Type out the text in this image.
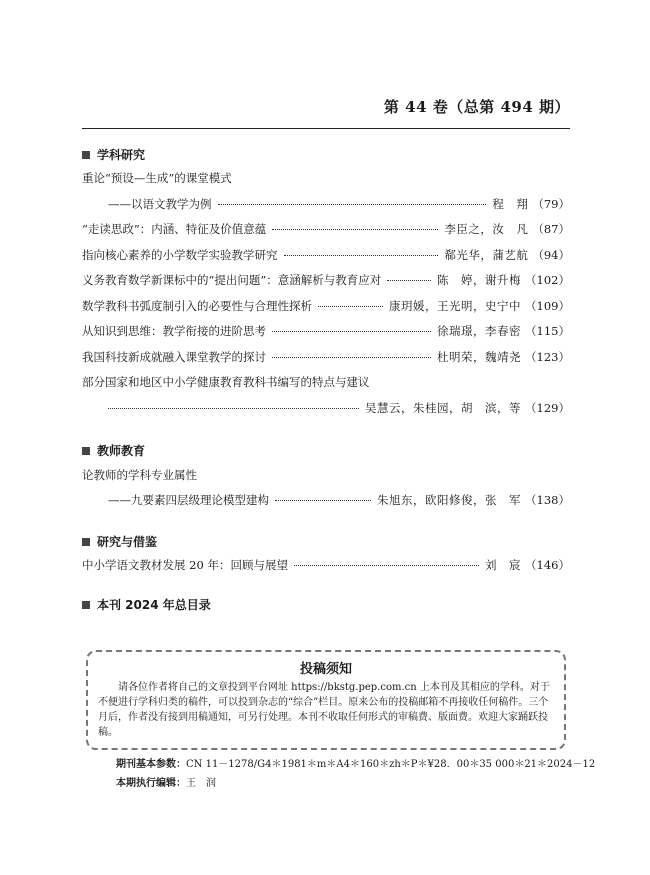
第 44 卷（总第 494 期）
学科研究
重论“预设—生成”的课堂模式
——以语文教学为例	程　翔 （79）
“走读思政”：内涵、特征及价值意蕴	李臣之，汝　凡 （87）
指向核心素养的小学数学实验教学研究	郗光华，蒲艺航 （94）
义务教育数学新课标中的“提出问题”：意涵解析与教育应对	陈　婷，谢升梅 （102）
数学教科书弧度制引入的必要性与合理性探析	康玥媛，王光明，史宁中 （109）
从知识到思维：教学衔接的进阶思考	徐瑞璟，李春密 （115）
我国科技新成就融入课堂教学的探讨	杜明荣，魏靖尧 （123）
部分国家和地区中小学健康教育教科书编写的特点与建议
吴慧云，朱桂园，胡　滨，等 （129）
教师教育
论教师的学科专业属性
——九要素四层级理论模型建构	朱旭东，欧阳修俊，张　军 （138）
研究与借鉴
中小学语文教材发展 20 年：回顾与展望	刘　宸 （146）
本刊 2024 年总目录
投稿须知
请各位作者将自己的文章投到平台网址 https://bkstg.pep.com.cn 上本刊及其相应的学科。对于不便进行学科归类的稿件，可以投到杂志的“综合”栏目。原来公布的投稿邮箱不再接收任何稿件。三个月后，作者没有接到用稿通知，可另行处理。本刊不收取任何形式的审稿费、版面费。欢迎大家踊跃投稿。
期刊基本参数：CN 11－1278/G4＊1981＊m＊A4＊160＊zh＊P＊¥28．00＊35 000＊21＊2024－12
本期执行编辑：王　润
